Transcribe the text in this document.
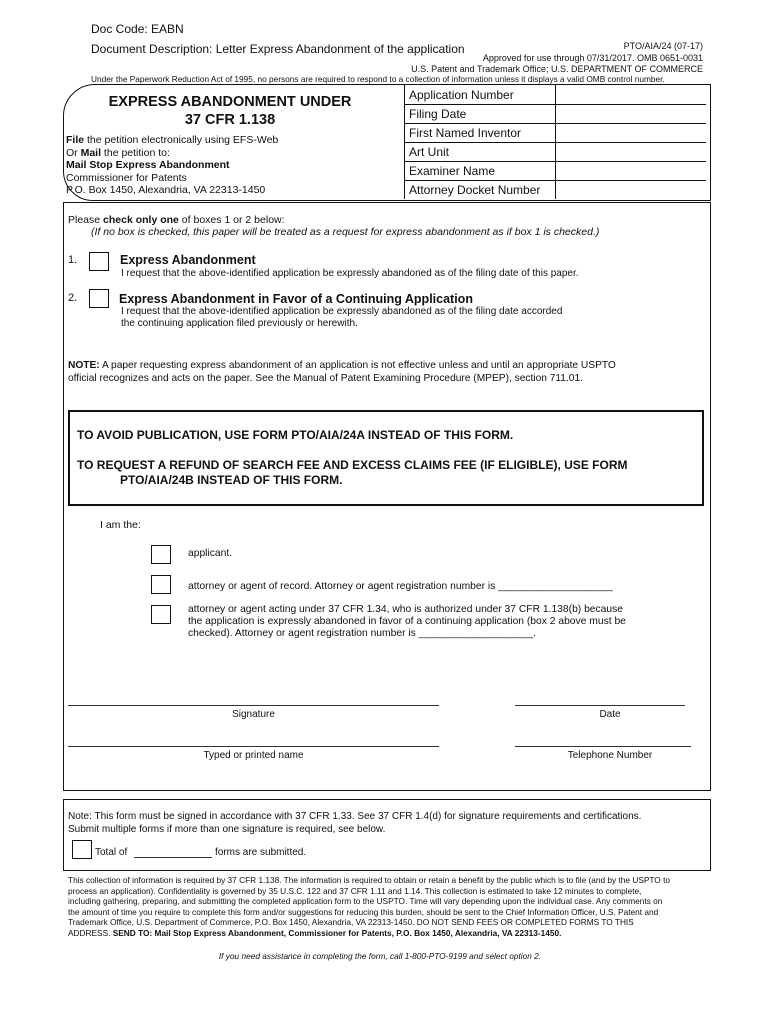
Doc Code: EABN
Document Description: Letter Express Abandonment of the application	PTO/AIA/24 (07-17)
Approved for use through 07/31/2017. OMB 0651-0031
U.S. Patent and Trademark Office; U.S. DEPARTMENT OF COMMERCE
Under the Paperwork Reduction Act of 1995, no persons are required to respond to a collection of information unless it displays a valid OMB control number.
EXPRESS ABANDONMENT UNDER
37 CFR 1.138
File the petition electronically using EFS-Web
Or Mail the petition to:
Mail Stop Express Abandonment
Commissioner for Patents
P.O. Box 1450, Alexandria, VA 22313-1450
Application Number
Filing Date
First Named Inventor
Art Unit
Examiner Name
Attorney Docket Number
Please check only one of boxes 1 or 2 below:
(If no box is checked, this paper will be treated as a request for express abandonment as if box 1 is checked.)
1.	Express Abandonment
I request that the above-identified application be expressly abandoned as of the filing date of this paper.
2.	Express Abandonment in Favor of a Continuing Application
I request that the above-identified application be expressly abandoned as of the filing date accorded
the continuing application filed previously or herewith.
NOTE: A paper requesting express abandonment of an application is not effective unless and until an appropriate USPTO
official recognizes and acts on the paper. See the Manual of Patent Examining Procedure (MPEP), section 711.01.
TO AVOID PUBLICATION, USE FORM PTO/AIA/24A INSTEAD OF THIS FORM.
TO REQUEST A REFUND OF SEARCH FEE AND EXCESS CLAIMS FEE (IF ELIGIBLE), USE FORM
PTO/AIA/24B INSTEAD OF THIS FORM.
I am the:
applicant.
attorney or agent of record. Attorney or agent registration number is ____________________
attorney or agent acting under 37 CFR 1.34, who is authorized under 37 CFR 1.138(b) because
the application is expressly abandoned in favor of a continuing application (box 2 above must be
checked). Attorney or agent registration number is ____________________.
Signature	Date
Typed or printed name	Telephone Number
Note: This form must be signed in accordance with 37 CFR 1.33. See 37 CFR 1.4(d) for signature requirements and certifications.
Submit multiple forms if more than one signature is required, see below.
Total of	forms are submitted.
This collection of information is required by 37 CFR 1.138. The information is required to obtain or retain a benefit by the public which is to file (and by the USPTO to
process an application). Confidentiality is governed by 35 U.S.C. 122 and 37 CFR 1.11 and 1.14. This collection is estimated to take 12 minutes to complete,
including gathering, preparing, and submitting the completed application form to the USPTO. Time will vary depending upon the individual case. Any comments on
the amount of time you require to complete this form and/or suggestions for reducing this burden, should be sent to the Chief Information Officer, U.S. Patent and
Trademark Office, U.S. Department of Commerce, P.O. Box 1450, Alexandria, VA 22313-1450. DO NOT SEND FEES OR COMPLETED FORMS TO THIS
ADDRESS. SEND TO: Mail Stop Express Abandonment, Commissioner for Patents, P.O. Box 1450, Alexandria, VA 22313-1450.
If you need assistance in completing the form, call 1-800-PTO-9199 and select option 2.
